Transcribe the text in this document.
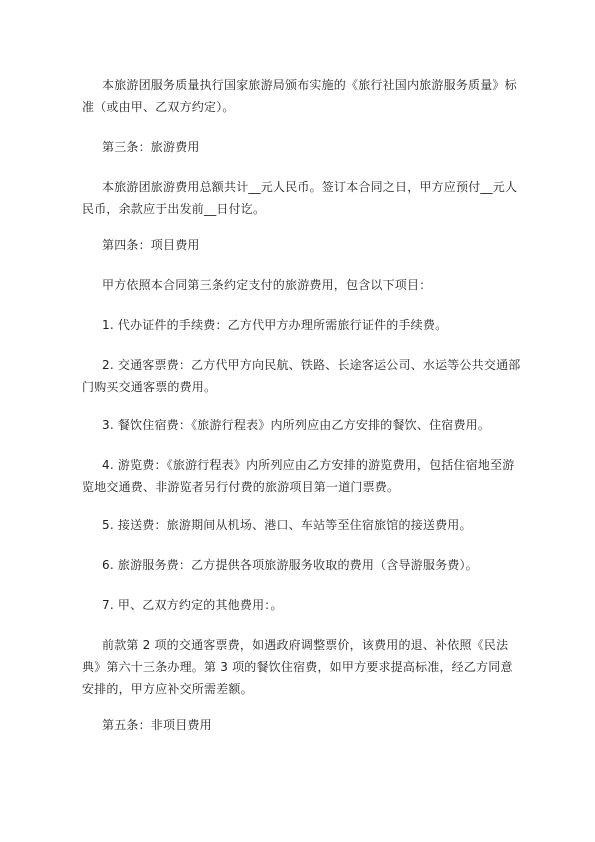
本旅游团服务质量执行国家旅游局颁布实施的《旅行社国内旅游服务质量》标准（或由甲、乙双方约定）。

第三条：旅游费用

本旅游团旅游费用总额共计__元人民币。签订本合同之日，甲方应预付__元人民币，余款应于出发前__日付讫。

第四条：项目费用

甲方依照本合同第三条约定支付的旅游费用，包含以下项目：

1. 代办证件的手续费：乙方代甲方办理所需旅行证件的手续费。

2. 交通客票费：乙方代甲方向民航、铁路、长途客运公司、水运等公共交通部门购买交通客票的费用。

3. 餐饮住宿费：《旅游行程表》内所列应由乙方安排的餐饮、住宿费用。

4. 游览费：《旅游行程表》内所列应由乙方安排的游览费用，包括住宿地至游览地交通费、非游览者另行付费的旅游项目第一道门票费。

5. 接送费：旅游期间从机场、港口、车站等至住宿旅馆的接送费用。

6. 旅游服务费：乙方提供各项旅游服务收取的费用（含导游服务费）。

7. 甲、乙双方约定的其他费用：。

前款第 2 项的交通客票费，如遇政府调整票价，该费用的退、补依照《民法典》第六十三条办理。第 3 项的餐饮住宿费，如甲方要求提高标准，经乙方同意安排的，甲方应补交所需差额。

第五条：非项目费用
